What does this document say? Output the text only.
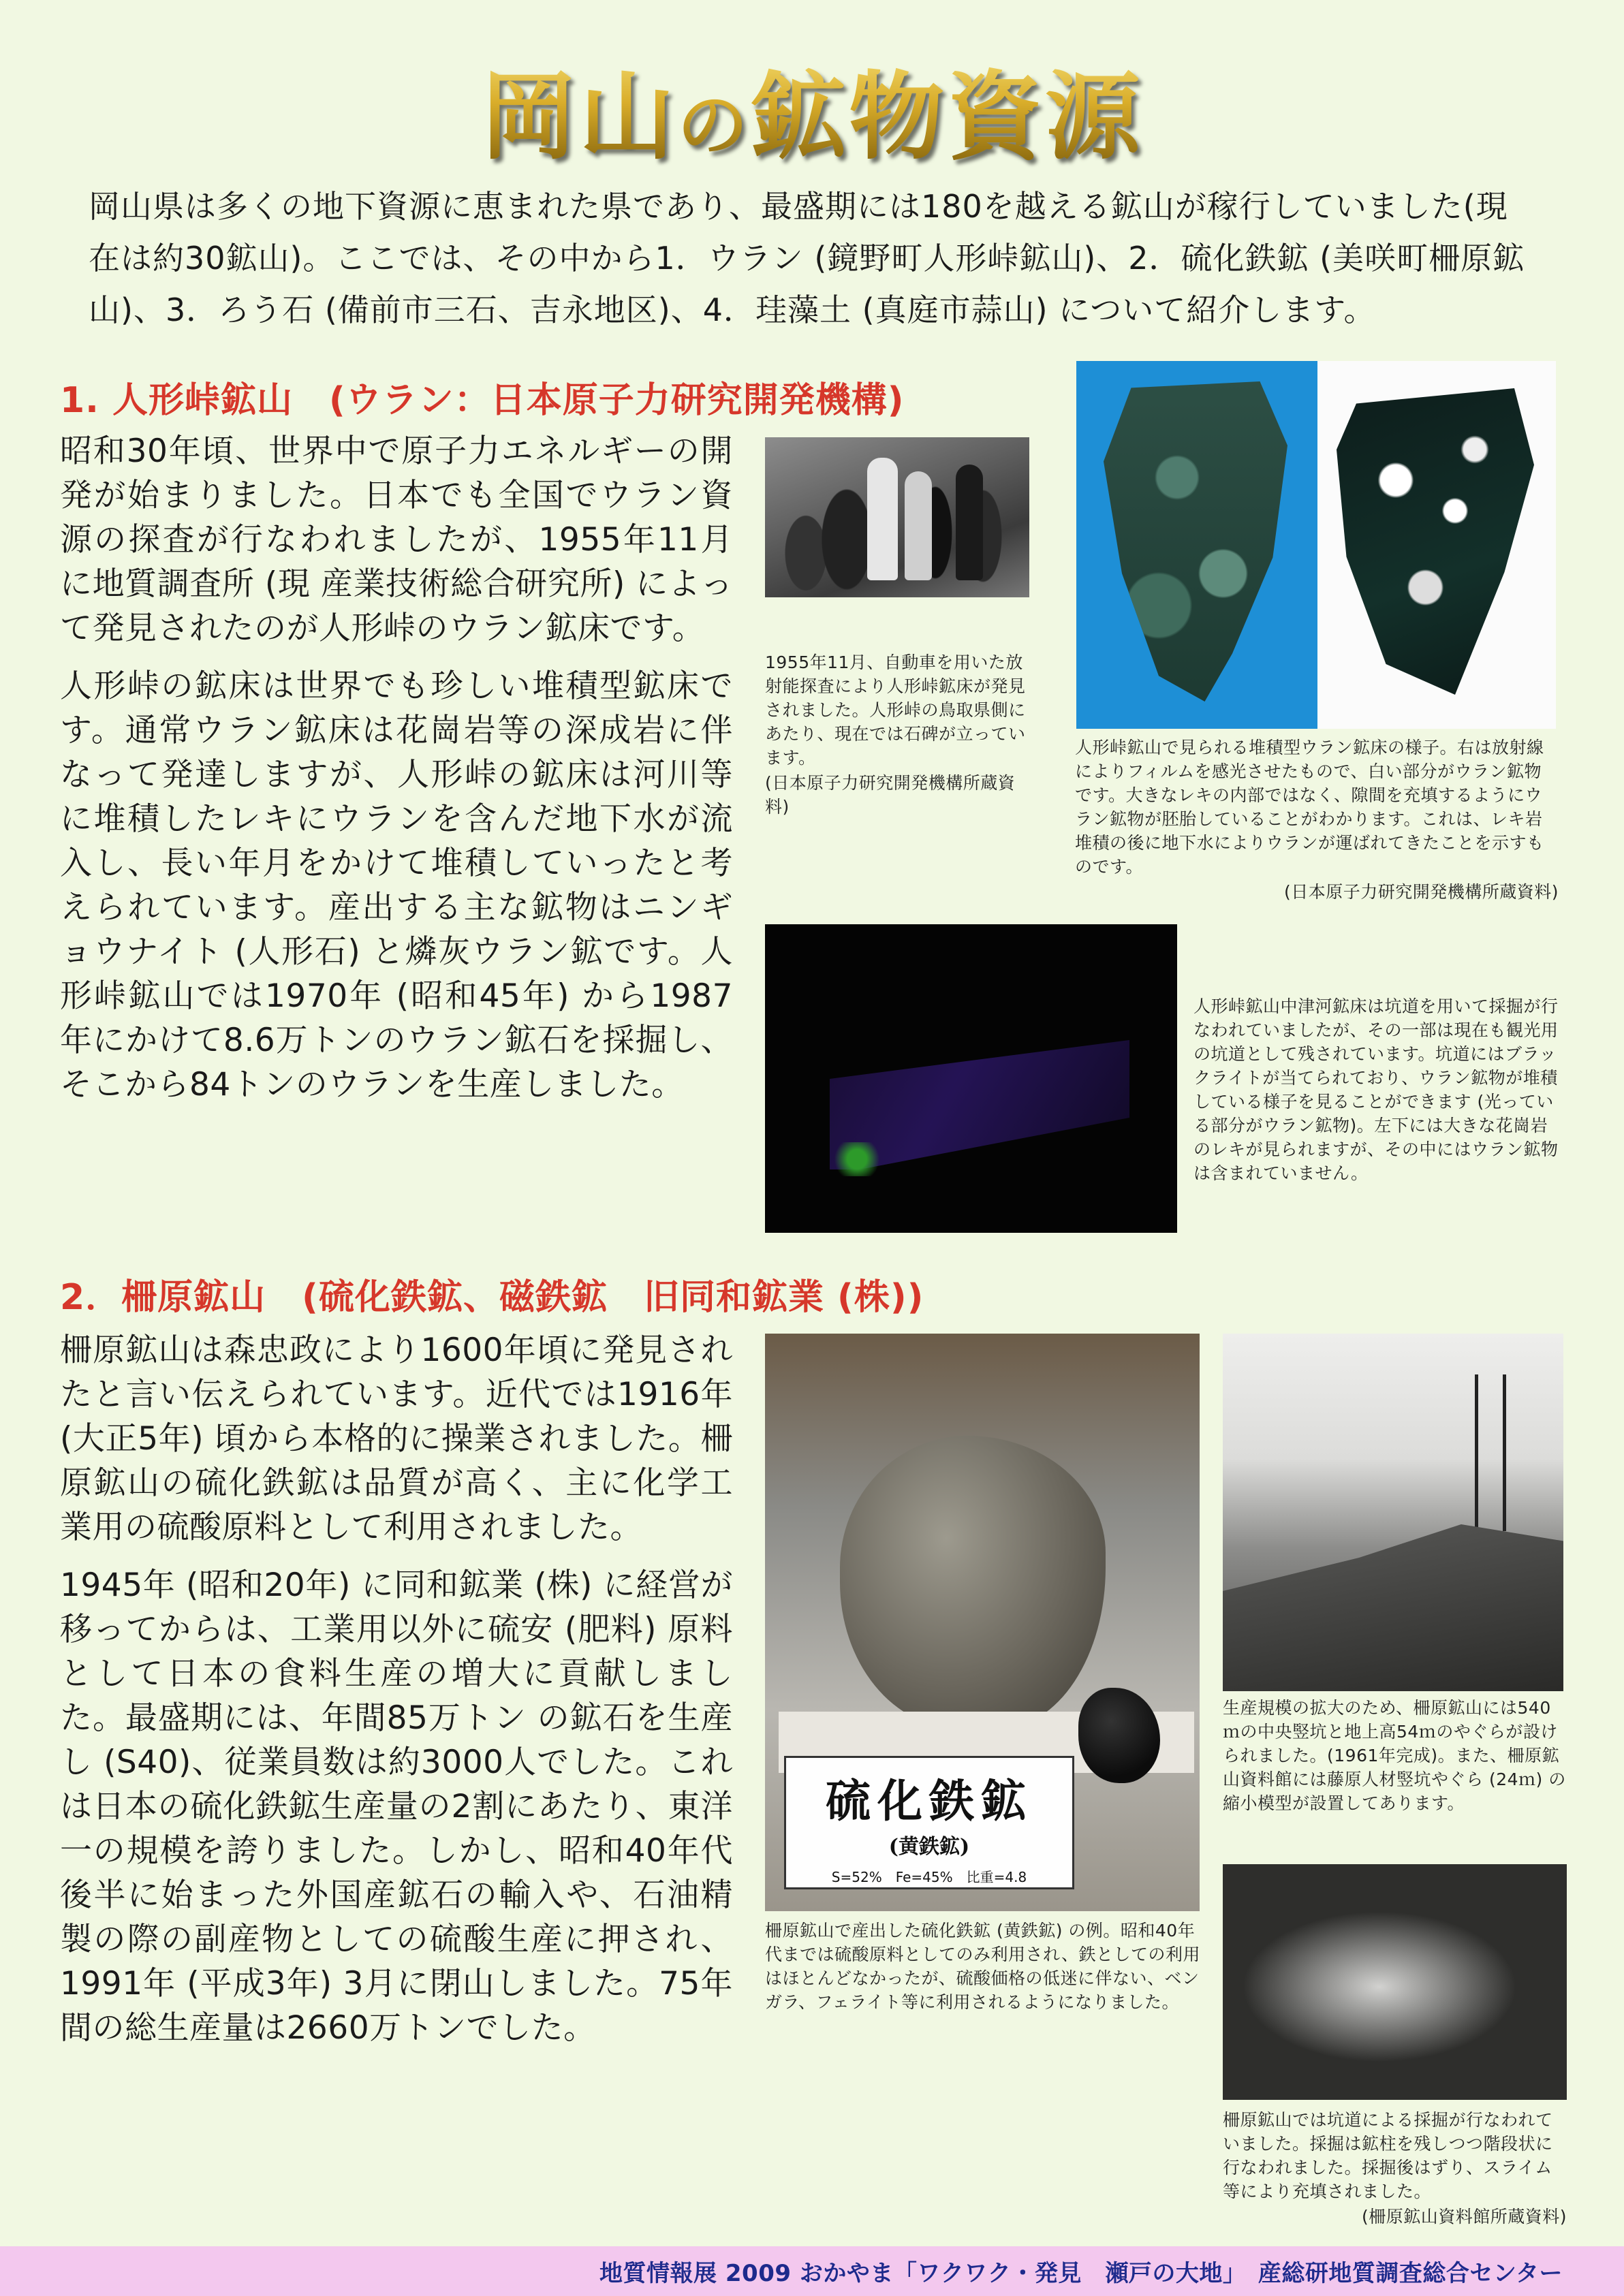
岡山の鉱物資源
岡山県は多くの地下資源に恵まれた県であり、最盛期には180を越える鉱山が稼行していました(現在は約30鉱山)。ここでは、その中から1．ウラン (鏡野町人形峠鉱山)、2．硫化鉄鉱 (美咲町柵原鉱山)、3．ろう石 (備前市三石、吉永地区)、4．珪藻土 (真庭市蒜山) について紹介します。
1. 人形峠鉱山　(ウラン：日本原子力研究開発機構)

昭和30年頃、世界中で原子力エネルギーの開発が始まりました。日本でも全国でウラン資源の探査が行なわれましたが、1955年11月に地質調査所 (現 産業技術総合研究所) によって発見されたのが人形峠のウラン鉱床です。

人形峠の鉱床は世界でも珍しい堆積型鉱床です。通常ウラン鉱床は花崗岩等の深成岩に伴なって発達しますが、人形峠の鉱床は河川等に堆積したレキにウランを含んだ地下水が流入し、長い年月をかけて堆積していったと考えられています。産出する主な鉱物はニンギョウナイト (人形石) と燐灰ウラン鉱です。人形峠鉱山では1970年 (昭和45年) から1987年にかけて8.6万トンのウラン鉱石を採掘し、そこから84トンのウランを生産しました。

1955年11月、自動車を用いた放射能探査により人形峠鉱床が発見されました。人形峠の鳥取県側にあたり、現在では石碑が立っています。
(日本原子力研究開発機構所蔵資料)
人形峠鉱山で見られる堆積型ウラン鉱床の様子。右は放射線によりフィルムを感光させたもので、白い部分がウラン鉱物です。大きなレキの内部ではなく、隙間を充填するようにウラン鉱物が胚胎していることがわかります。これは、レキ岩堆積の後に地下水によりウランが運ばれてきたことを示すものです。
(日本原子力研究開発機構所蔵資料)
人形峠鉱山中津河鉱床は坑道を用いて採掘が行なわれていましたが、その一部は現在も観光用の坑道として残されています。坑道にはブラックライトが当てられており、ウラン鉱物が堆積している様子を見ることができます (光っている部分がウラン鉱物)。左下には大きな花崗岩のレキが見られますが、その中にはウラン鉱物は含まれていません。
2．柵原鉱山　(硫化鉄鉱、磁鉄鉱　旧同和鉱業 (株))

柵原鉱山は森忠政により1600年頃に発見されたと言い伝えられています。近代では1916年 (大正5年) 頃から本格的に操業されました。柵原鉱山の硫化鉄鉱は品質が高く、主に化学工業用の硫酸原料として利用されました。

1945年 (昭和20年) に同和鉱業 (株) に経営が移ってからは、工業用以外に硫安 (肥料) 原料として日本の食料生産の増大に貢献しました。最盛期には、年間85万トン の鉱石を生産し (S40)、従業員数は約3000人でした。これは日本の硫化鉄鉱生産量の2割にあたり、東洋一の規模を誇りました。しかし、昭和40年代後半に始まった外国産鉱石の輸入や、石油精製の際の副産物としての硫酸生産に押され、1991年 (平成3年) 3月に閉山しました。75年間の総生産量は2660万トンでした。

硫化鉄鉱
(黄鉄鉱)
S=52%　Fe=45%　比重=4.8
柵原鉱山で産出した硫化鉄鉱 (黄鉄鉱) の例。昭和40年代までは硫酸原料としてのみ利用され、鉄としての利用はほとんどなかったが、硫酸価格の低迷に伴ない、ベンガラ、フェライト等に利用されるようになりました。
生産規模の拡大のため、柵原鉱山には540ｍの中央竪坑と地上高54ｍのやぐらが設けられました。(1961年完成)。また、柵原鉱山資料館には藤原人材竪坑やぐら (24ｍ) の縮小模型が設置してあります。
柵原鉱山では坑道による採掘が行なわれていました。採掘は鉱柱を残しつつ階段状に行なわれました。採掘後はずり、スライム等により充填されました。
(柵原鉱山資料館所蔵資料)
地質情報展 2009 おかやま「ワクワク・発見　瀬戸の大地」　産総研地質調査総合センター
